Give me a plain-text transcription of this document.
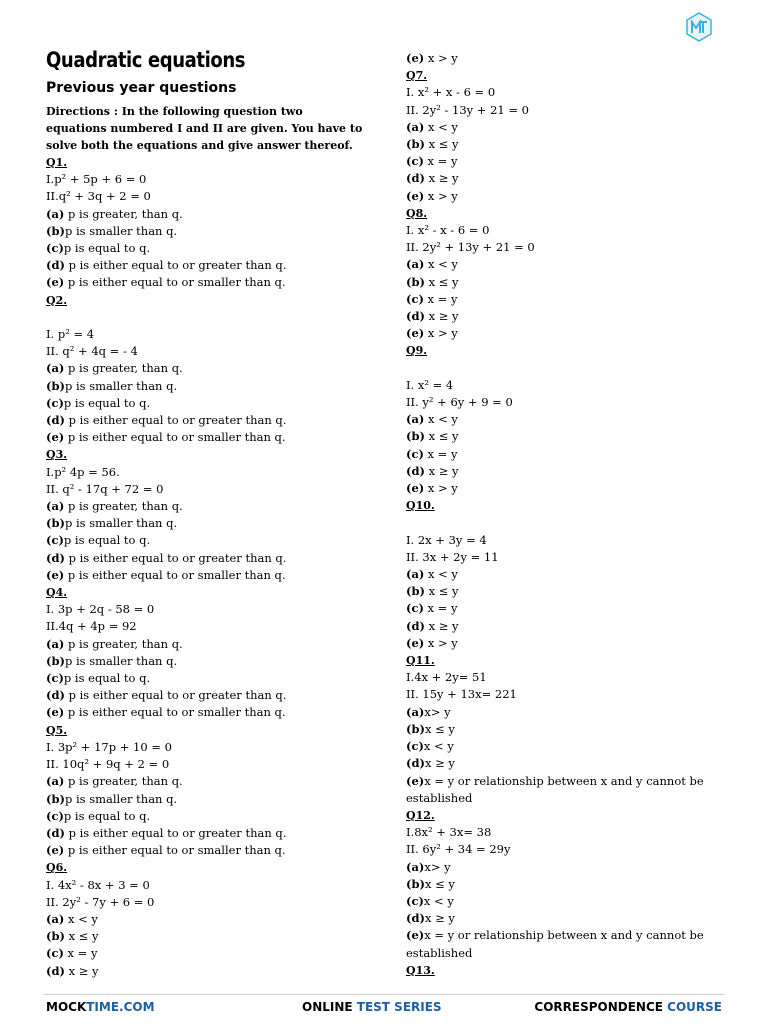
Quadratic equations
Previous year questions
Directions : In the following question two equations numbered I and II are given. You have to solve both the equations and give answer thereof.
Q1.
I.p² + 5p + 6 = 0
II.q² + 3q + 2 = 0
(a) p is greater, than q.
(b)p is smaller than q.
(c)p is equal to q.
(d) p is either equal to or greater than q.
(e) p is either equal to or smaller than q.
Q2.
I. p² = 4
II. q² + 4q = - 4
(a) p is greater, than q.
(b)p is smaller than q.
(c)p is equal to q.
(d) p is either equal to or greater than q.
(e) p is either equal to or smaller than q.
Q3.
I.p² 4p = 56.
II. q² - 17q + 72 = 0
(a) p is greater, than q.
(b)p is smaller than q.
(c)p is equal to q.
(d) p is either equal to or greater than q.
(e) p is either equal to or smaller than q.
Q4.
I. 3p + 2q - 58 = 0
II.4q + 4p = 92
(a) p is greater, than q.
(b)p is smaller than q.
(c)p is equal to q.
(d) p is either equal to or greater than q.
(e) p is either equal to or smaller than q.
Q5.
I. 3p² + 17p + 10 = 0
II. 10q² + 9q + 2 = 0
(a) p is greater, than q.
(b)p is smaller than q.
(c)p is equal to q.
(d) p is either equal to or greater than q.
(e) p is either equal to or smaller than q.
Q6.
I. 4x² - 8x + 3 = 0
II. 2y² - 7y + 6 = 0
(a) x < y
(b) x ≤ y
(c) x = y
(d) x ≥ y
(e) x > y
Q7.
I. x² + x - 6 = 0
II. 2y² - 13y + 21 = 0
(a) x < y
(b) x ≤ y
(c) x = y
(d) x ≥ y
(e) x > y
Q8.
I. x² - x - 6 = 0
II. 2y² + 13y + 21 = 0
(a) x < y
(b) x ≤ y
(c) x = y
(d) x ≥ y
(e) x > y
Q9.
I. x² = 4
II. y² + 6y + 9 = 0
(a) x < y
(b) x ≤ y
(c) x = y
(d) x ≥ y
(e) x > y
Q10.
I. 2x + 3y = 4
II. 3x + 2y = 11
(a) x < y
(b) x ≤ y
(c) x = y
(d) x ≥ y
(e) x > y
Q11.
I.4x + 2y= 51
II. 15y + 13x= 221
(a)x> y
(b)x ≤ y
(c)x < y
(d)x ≥ y
(e)x = y or relationship between x and y cannot be established
Q12.
I.8x² + 3x= 38
II. 6y² + 34 = 29y
(a)x> y
(b)x ≤ y
(c)x < y
(d)x ≥ y
(e)x = y or relationship between x and y cannot be established
Q13.
MOCKTIME.COM	ONLINE TEST SERIES	CORRESPONDENCE COURSE
